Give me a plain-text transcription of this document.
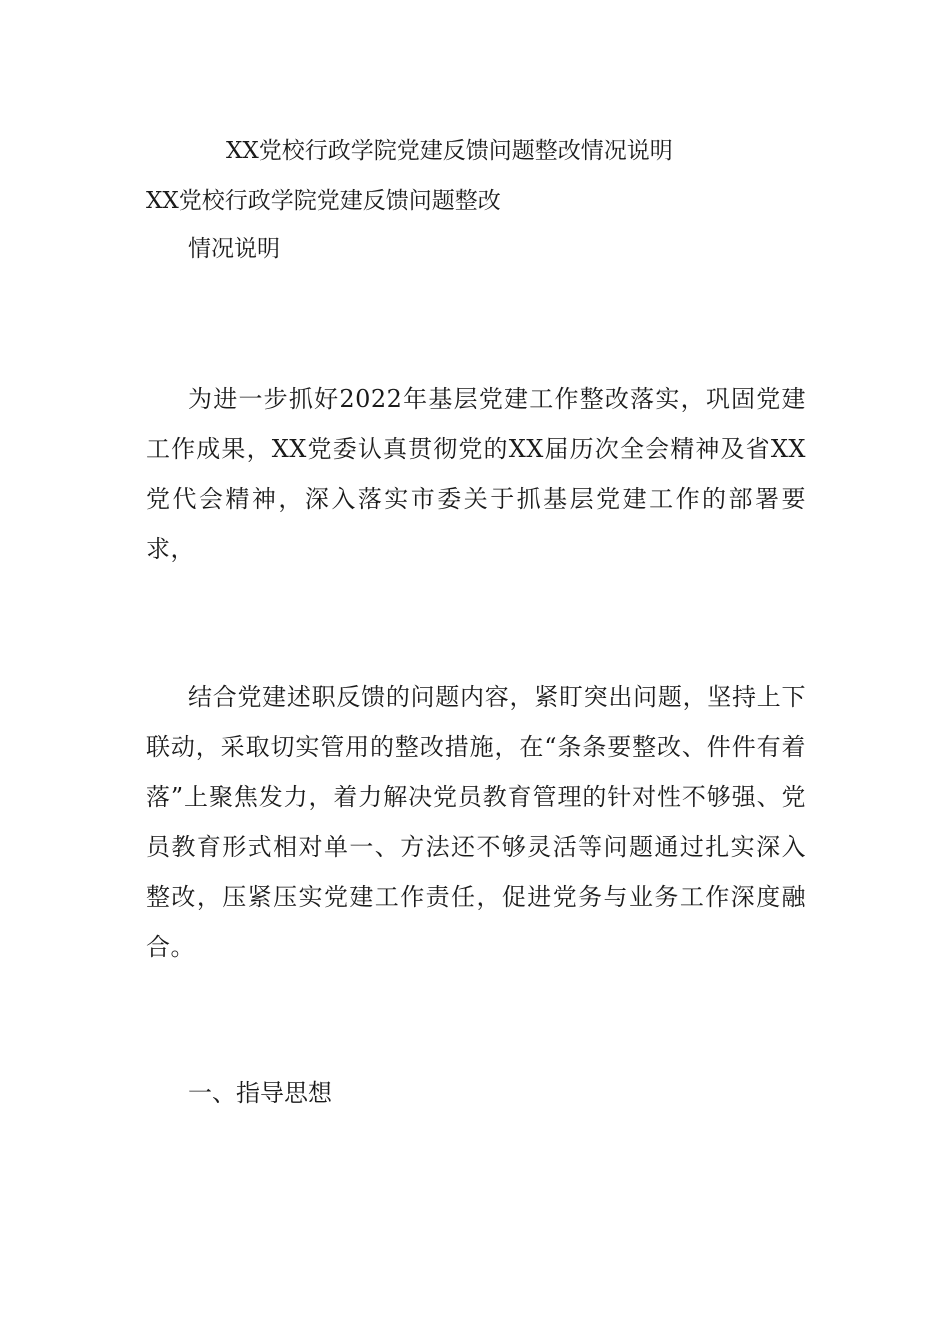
XX党校行政学院党建反馈问题整改情况说明
XX党校行政学院党建反馈问题整改
情况说明

为进一步抓好2022年基层党建工作整改落实，巩固党建工作成果，XX党委认真贯彻党的XX届历次全会精神及省XX党代会精神，深入落实市委关于抓基层党建工作的部署要求，

结合党建述职反馈的问题内容，紧盯突出问题，坚持上下联动，采取切实管用的整改措施，在“条条要整改、件件有着落”上聚焦发力，着力解决党员教育管理的针对性不够强、党员教育形式相对单一、方法还不够灵活等问题通过扎实深入整改，压紧压实党建工作责任，促进党务与业务工作深度融合。

一、指导思想
